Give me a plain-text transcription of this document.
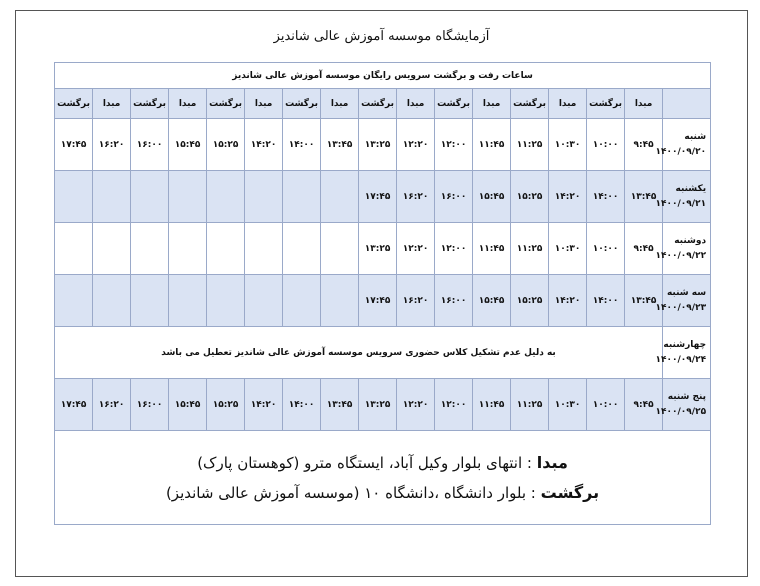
آزمایشگاه موسسه آموزش عالی شاندیز
ساعات رفت و برگشت سرویس رایگان موسسه آموزش عالی شاندیز																
	مبدا	برگشت	مبدا	برگشت	مبدا	برگشت	مبدا	برگشت	مبدا	برگشت	مبدا	برگشت	مبدا	برگشت	مبدا	برگشت

شنبه
۱۴۰۰/۰۹/۲۰	۹:۴۵	۱۰:۰۰	۱۰:۳۰	۱۱:۲۵	۱۱:۴۵	۱۲:۰۰	۱۲:۲۰	۱۳:۲۵	۱۳:۴۵	۱۴:۰۰	۱۴:۲۰	۱۵:۲۵	۱۵:۴۵	۱۶:۰۰	۱۶:۲۰	۱۷:۴۵

یکشنبه
۱۴۰۰/۰۹/۲۱	۱۳:۴۵	۱۴:۰۰	۱۴:۲۰	۱۵:۲۵	۱۵:۴۵	۱۶:۰۰	۱۶:۲۰	۱۷:۴۵								

دوشنبه
۱۴۰۰/۰۹/۲۲	۹:۴۵	۱۰:۰۰	۱۰:۳۰	۱۱:۲۵	۱۱:۴۵	۱۲:۰۰	۱۲:۲۰	۱۳:۲۵								

سه شنبه
۱۴۰۰/۰۹/۲۳	۱۳:۴۵	۱۴:۰۰	۱۴:۲۰	۱۵:۲۵	۱۵:۴۵	۱۶:۰۰	۱۶:۲۰	۱۷:۴۵								

چهارشنبه
۱۴۰۰/۰۹/۲۴	به دلیل عدم تشکیل کلاس حضوری سرویس موسسه آموزش عالی شاندیز تعطیل می باشد															

پنج شنبه
۱۴۰۰/۰۹/۲۵	۹:۴۵	۱۰:۰۰	۱۰:۳۰	۱۱:۲۵	۱۱:۴۵	۱۲:۰۰	۱۲:۲۰	۱۳:۲۵	۱۳:۴۵	۱۴:۰۰	۱۴:۲۰	۱۵:۲۵	۱۵:۴۵	۱۶:۰۰	۱۶:۲۰	۱۷:۴۵

مبدا : انتهای بلوار وکیل آباد، ایستگاه مترو (کوهستان پارک)
برگشت : بلوار دانشگاه ،دانشگاه ۱۰ (موسسه آموزش عالی شاندیز)																
